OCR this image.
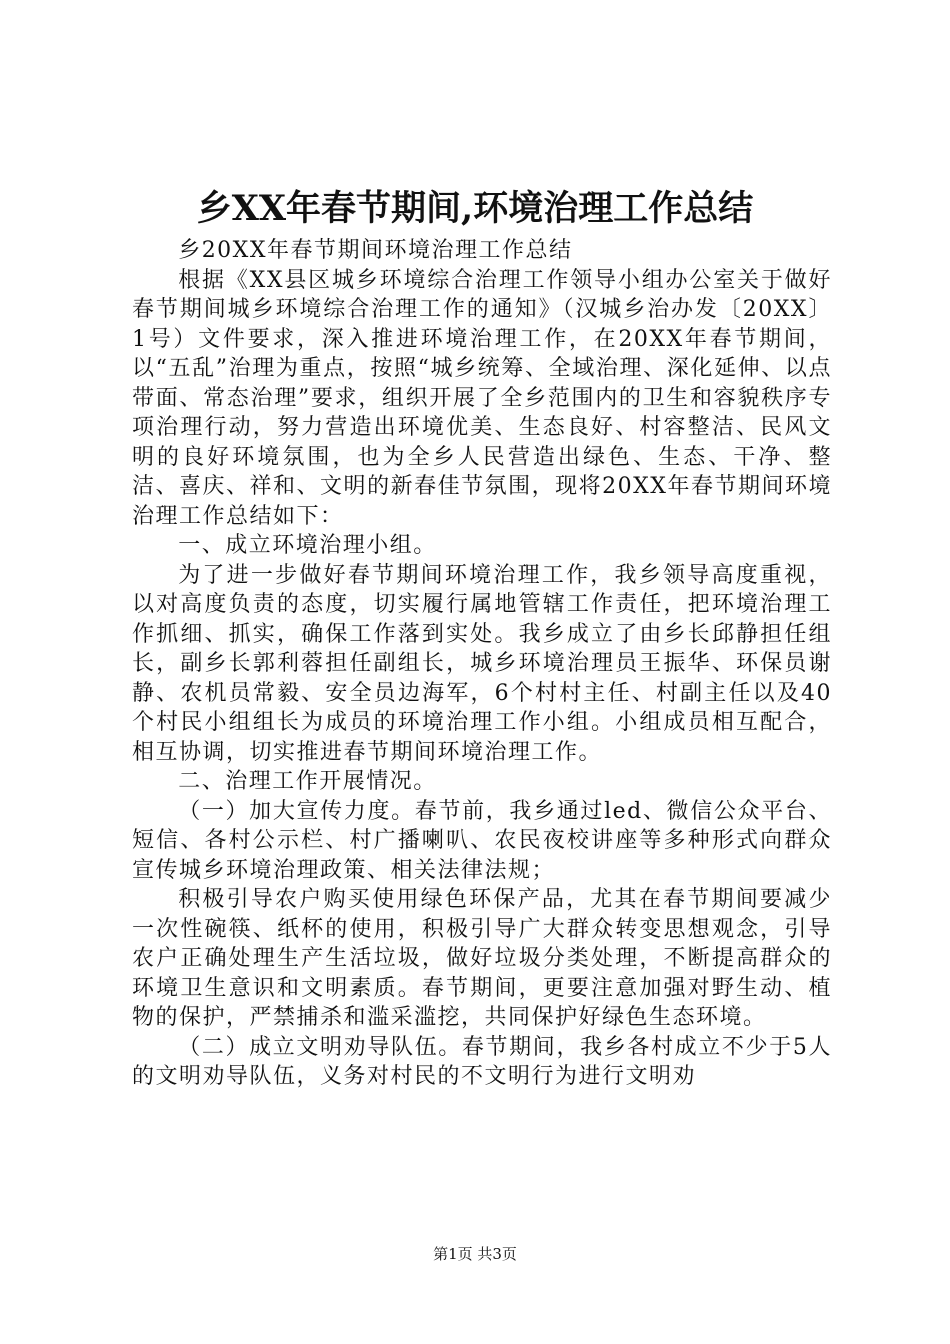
乡XX年春节期间,环境治理工作总结

乡20XX年春节期间环境治理工作总结

根据《XX县区城乡环境综合治理工作领导小组办公室关于做好春节期间城乡环境综合治理工作的通知》（汉城乡治办发〔20XX〕1号）文件要求，深入推进环境治理工作，在20XX年春节期间，以“五乱”治理为重点，按照“城乡统筹、全域治理、深化延伸、以点带面、常态治理”要求，组织开展了全乡范围内的卫生和容貌秩序专项治理行动，努力营造出环境优美、生态良好、村容整洁、民风文明的良好环境氛围，也为全乡人民营造出绿色、生态、干净、整洁、喜庆、祥和、文明的新春佳节氛围，现将20XX年春节期间环境治理工作总结如下：

一、成立环境治理小组。

为了进一步做好春节期间环境治理工作，我乡领导高度重视，以对高度负责的态度，切实履行属地管辖工作责任，把环境治理工作抓细、抓实，确保工作落到实处。我乡成立了由乡长邱静担任组长，副乡长郭利蓉担任副组长，城乡环境治理员王振华、环保员谢静、农机员常毅、安全员边海军，6个村村主任、村副主任以及40个村民小组组长为成员的环境治理工作小组。小组成员相互配合，相互协调，切实推进春节期间环境治理工作。

二、治理工作开展情况。

（一）加大宣传力度。春节前，我乡通过led、微信公众平台、短信、各村公示栏、村广播喇叭、农民夜校讲座等多种形式向群众宣传城乡环境治理政策、相关法律法规；

积极引导农户购买使用绿色环保产品，尤其在春节期间要减少一次性碗筷、纸杯的使用，积极引导广大群众转变思想观念，引导农户正确处理生产生活垃圾，做好垃圾分类处理，不断提高群众的环境卫生意识和文明素质。春节期间，更要注意加强对野生动、植物的保护，严禁捕杀和滥采滥挖，共同保护好绿色生态环境。

（二）成立文明劝导队伍。春节期间，我乡各村成立不少于5人的文明劝导队伍，义务对村民的不文明行为进行文明劝

第1页 共3页
